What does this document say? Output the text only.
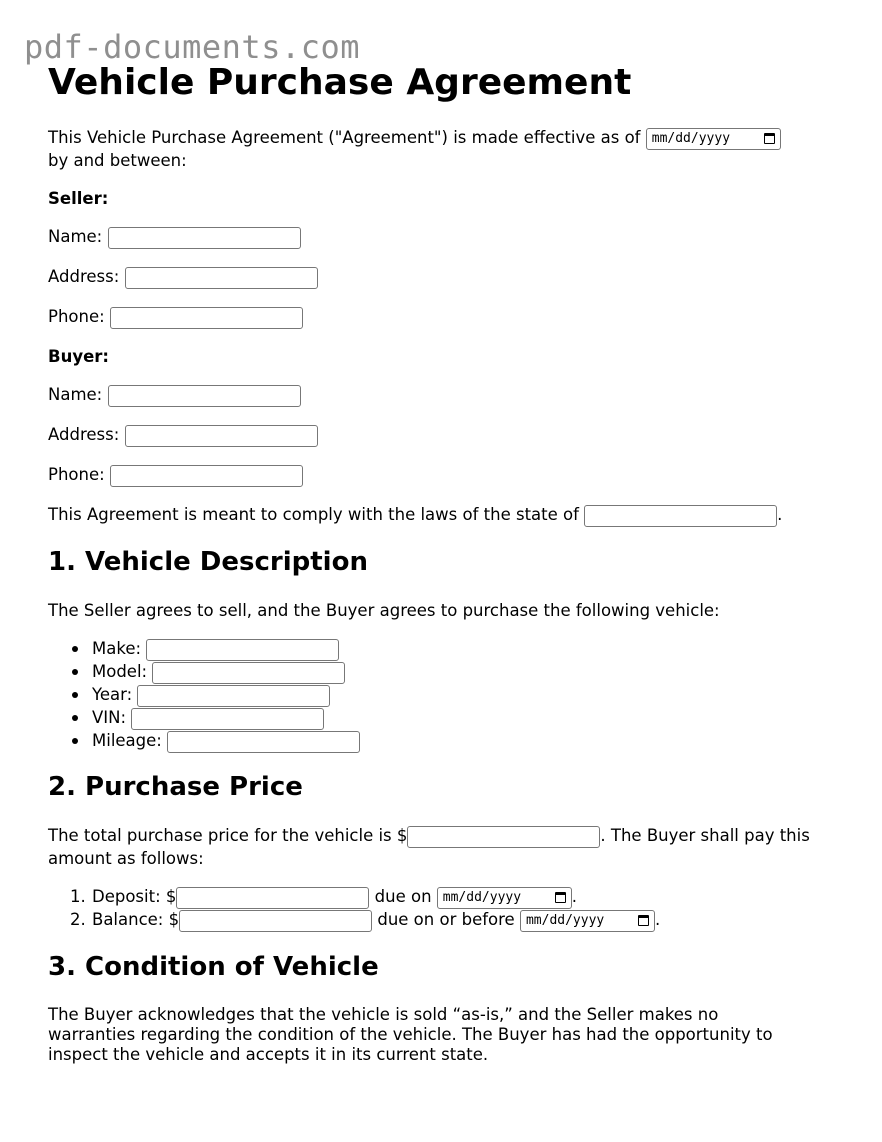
pdf-documents.com
Vehicle Purchase Agreement

This Vehicle Purchase Agreement ("Agreement") is made effective as of mm/dd/yyyy

by and between:

Seller:

Name:
Address:
Phone:

Buyer:

Name:
Address:
Phone:
This Agreement is meant to comply with the laws of the state of	.
1. Vehicle Description

The Seller agrees to sell, and the Buyer agrees to purchase the following vehicle:

Make:
Model:
Year:
VIN:
Mileage:
2. Purchase Price
The total purchase price for the vehicle is $	. The Buyer shall pay this

amount as follows:

1. Deposit: $	due on mm/dd/yyyy	.
2. Balance: $	due on or before mm/dd/yyyy	.
3. Condition of Vehicle

The Buyer acknowledges that the vehicle is sold “as-is,” and the Seller makes no

warranties regarding the condition of the vehicle. The Buyer has had the opportunity to

inspect the vehicle and accepts it in its current state.
